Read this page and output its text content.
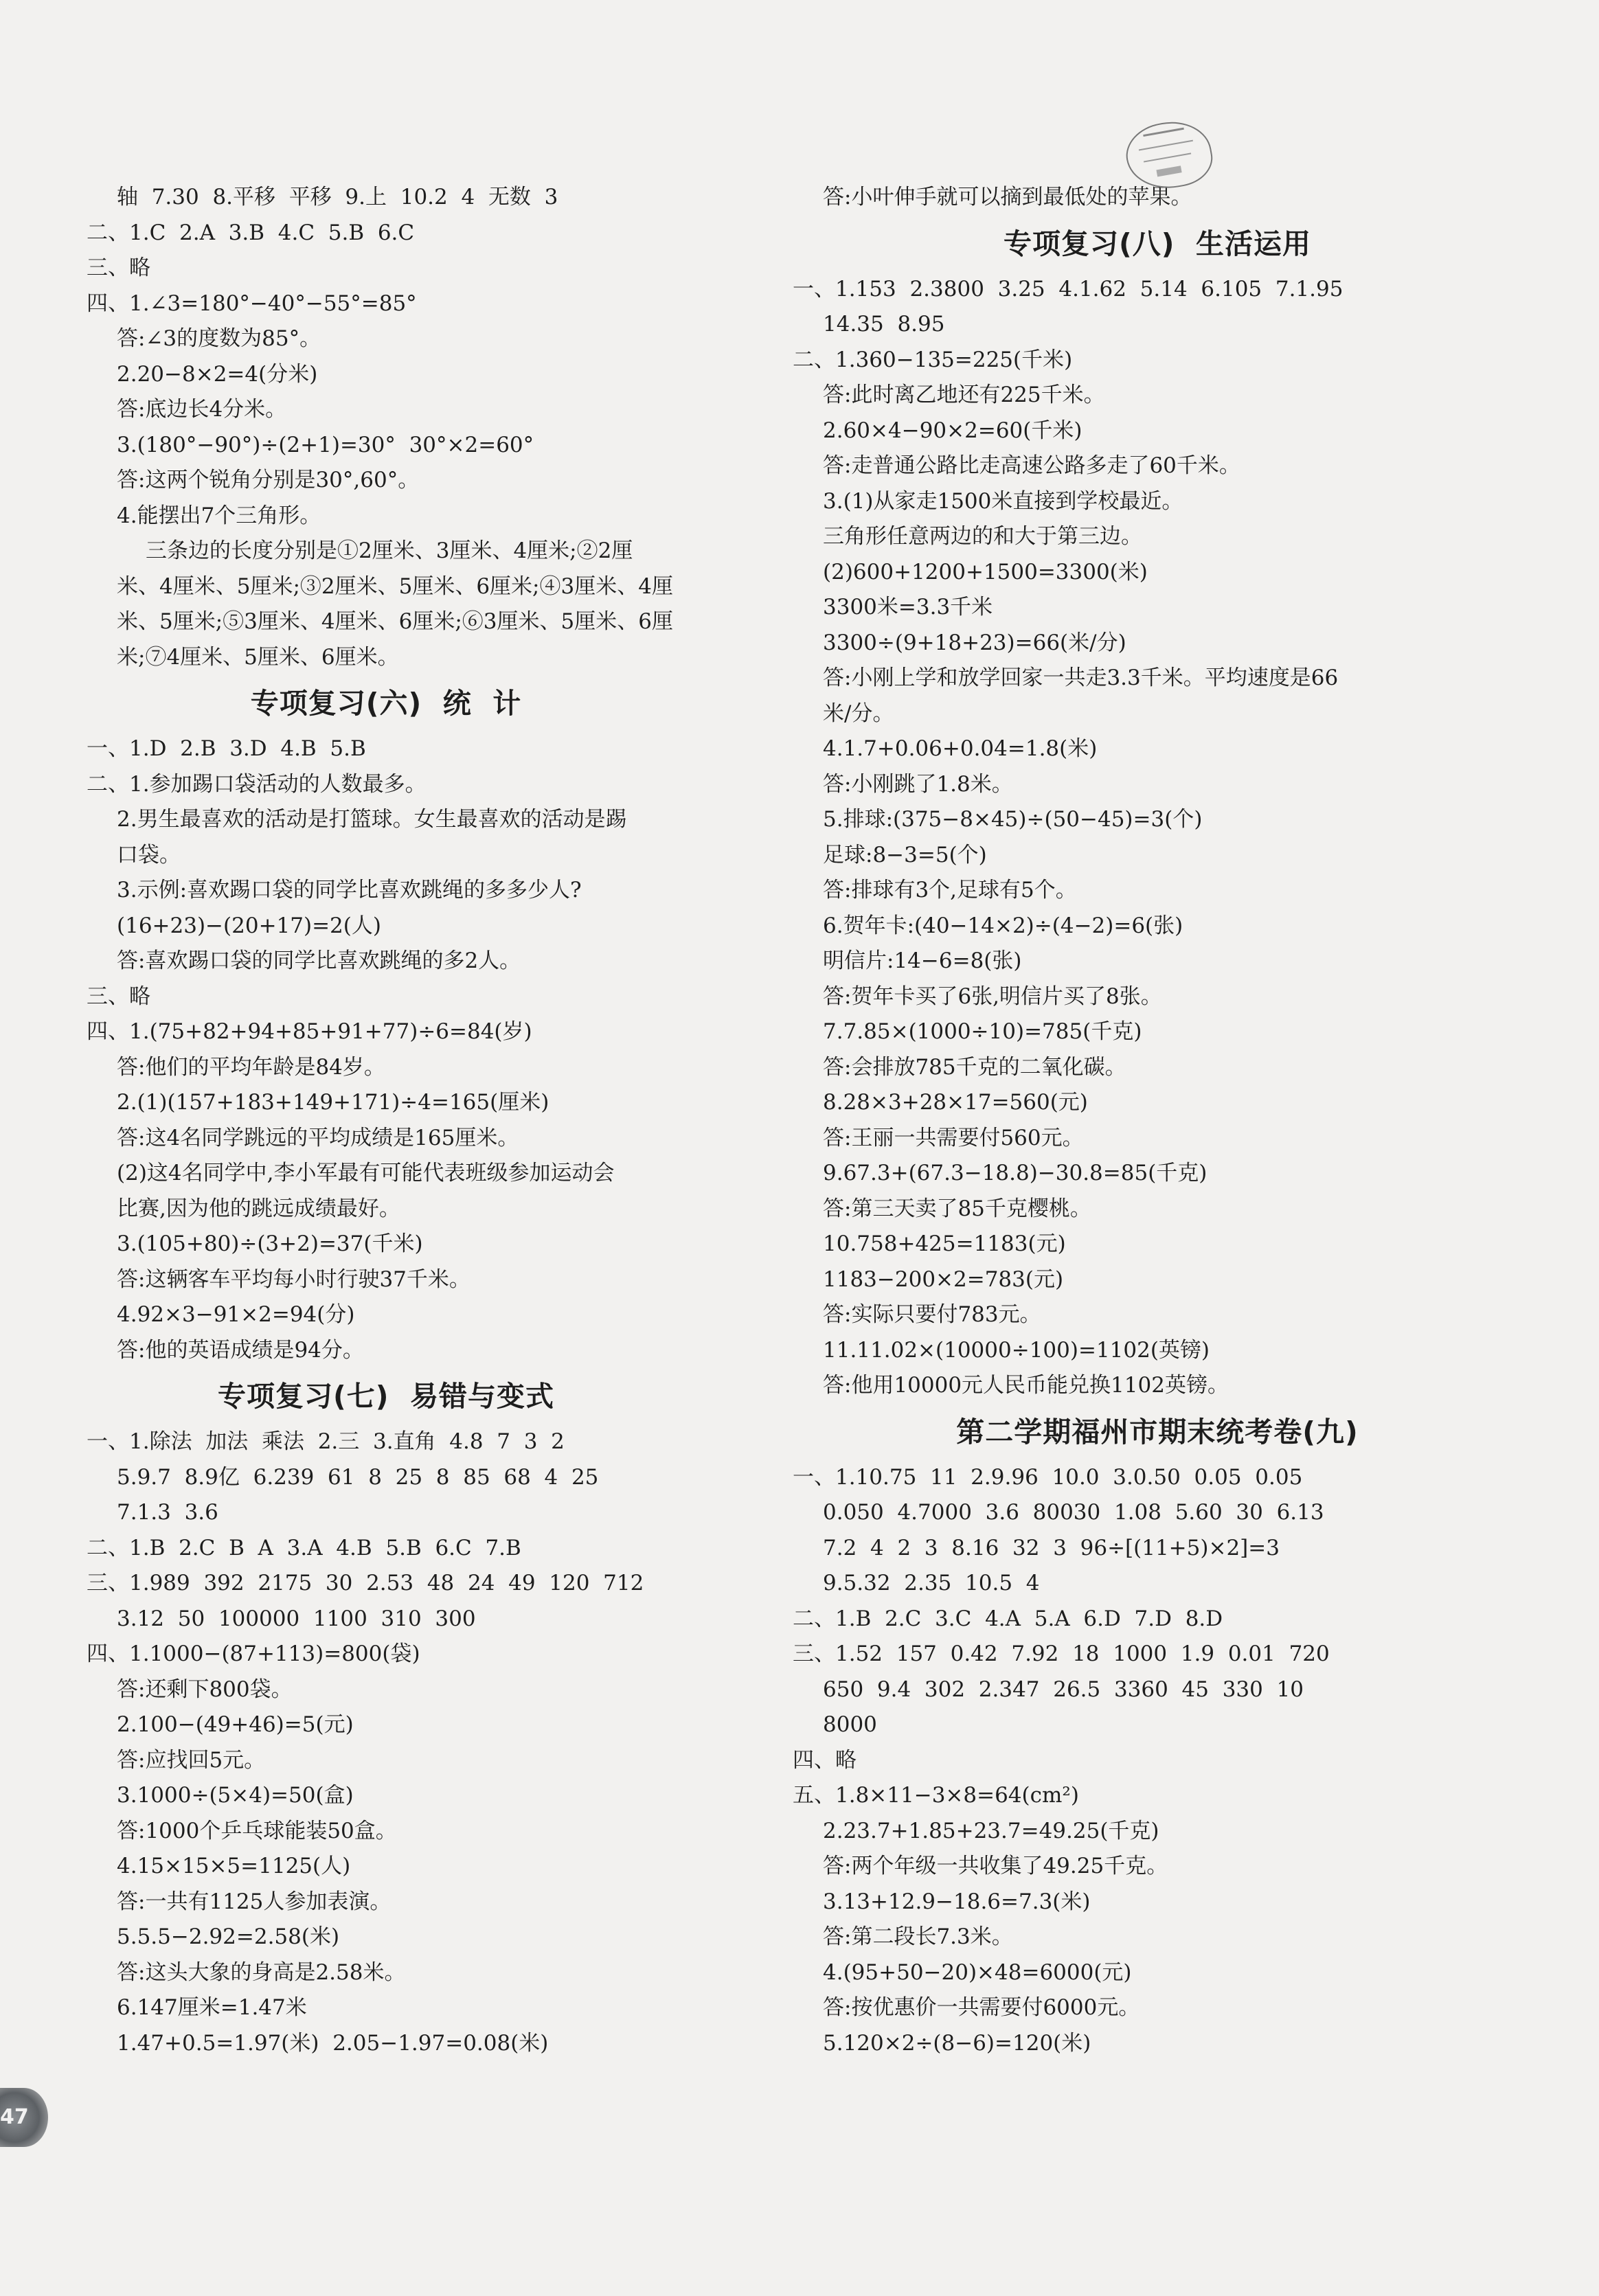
轴  7.30  8.平移  平移  9.上  10.2  4  无数  3
二、1.C  2.A  3.B  4.C  5.B  6.C
三、略
四、1.∠3=180°−40°−55°=85°
答:∠3的度数为85°。
2.20−8×2=4(分米)
答:底边长4分米。
3.(180°−90°)÷(2+1)=30°  30°×2=60°
答:这两个锐角分别是30°,60°。
4.能摆出7个三角形。
三条边的长度分别是①2厘米、3厘米、4厘米;②2厘
米、4厘米、5厘米;③2厘米、5厘米、6厘米;④3厘米、4厘
米、5厘米;⑤3厘米、4厘米、6厘米;⑥3厘米、5厘米、6厘
米;⑦4厘米、5厘米、6厘米。
专项复习(六)  统  计
一、1.D  2.B  3.D  4.B  5.B
二、1.参加踢口袋活动的人数最多。
2.男生最喜欢的活动是打篮球。女生最喜欢的活动是踢
口袋。
3.示例:喜欢踢口袋的同学比喜欢跳绳的多多少人?
(16+23)−(20+17)=2(人)
答:喜欢踢口袋的同学比喜欢跳绳的多2人。
三、略
四、1.(75+82+94+85+91+77)÷6=84(岁)
答:他们的平均年龄是84岁。
2.(1)(157+183+149+171)÷4=165(厘米)
答:这4名同学跳远的平均成绩是165厘米。
(2)这4名同学中,李小军最有可能代表班级参加运动会
比赛,因为他的跳远成绩最好。
3.(105+80)÷(3+2)=37(千米)
答:这辆客车平均每小时行驶37千米。
4.92×3−91×2=94(分)
答:他的英语成绩是94分。
专项复习(七)  易错与变式
一、1.除法  加法  乘法  2.三  3.直角  4.8  7  3  2
5.9.7  8.9亿  6.239  61  8  25  8  85  68  4  25
7.1.3  3.6
二、1.B  2.C  B  A  3.A  4.B  5.B  6.C  7.B
三、1.989  392  2175  30  2.53  48  24  49  120  712
3.12  50  100000  1100  310  300
四、1.1000−(87+113)=800(袋)
答:还剩下800袋。
2.100−(49+46)=5(元)
答:应找回5元。
3.1000÷(5×4)=50(盒)
答:1000个乒乓球能装50盒。
4.15×15×5=1125(人)
答:一共有1125人参加表演。
5.5.5−2.92=2.58(米)
答:这头大象的身高是2.58米。
6.147厘米=1.47米
1.47+0.5=1.97(米)  2.05−1.97=0.08(米)
答:小叶伸手就可以摘到最低处的苹果。
专项复习(八)  生活运用
一、1.153  2.3800  3.25  4.1.62  5.14  6.105  7.1.95
14.35  8.95
二、1.360−135=225(千米)
答:此时离乙地还有225千米。
2.60×4−90×2=60(千米)
答:走普通公路比走高速公路多走了60千米。
3.(1)从家走1500米直接到学校最近。
三角形任意两边的和大于第三边。
(2)600+1200+1500=3300(米)
3300米=3.3千米
3300÷(9+18+23)=66(米/分)
答:小刚上学和放学回家一共走3.3千米。平均速度是66
米/分。
4.1.7+0.06+0.04=1.8(米)
答:小刚跳了1.8米。
5.排球:(375−8×45)÷(50−45)=3(个)
足球:8−3=5(个)
答:排球有3个,足球有5个。
6.贺年卡:(40−14×2)÷(4−2)=6(张)
明信片:14−6=8(张)
答:贺年卡买了6张,明信片买了8张。
7.7.85×(1000÷10)=785(千克)
答:会排放785千克的二氧化碳。
8.28×3+28×17=560(元)
答:王丽一共需要付560元。
9.67.3+(67.3−18.8)−30.8=85(千克)
答:第三天卖了85千克樱桃。
10.758+425=1183(元)
1183−200×2=783(元)
答:实际只要付783元。
11.11.02×(10000÷100)=1102(英镑)
答:他用10000元人民币能兑换1102英镑。
第二学期福州市期末统考卷(九)
一、1.10.75  11  2.9.96  10.0  3.0.50  0.05  0.05
0.050  4.7000  3.6  80030  1.08  5.60  30  6.13
7.2  4  2  3  8.16  32  3  96÷[(11+5)×2]=3
9.5.32  2.35  10.5  4
二、1.B  2.C  3.C  4.A  5.A  6.D  7.D  8.D
三、1.52  157  0.42  7.92  18  1000  1.9  0.01  720
650  9.4  302  2.347  26.5  3360  45  330  10
8000
四、略
五、1.8×11−3×8=64(cm²)
2.23.7+1.85+23.7=49.25(千克)
答:两个年级一共收集了49.25千克。
3.13+12.9−18.6=7.3(米)
答:第二段长7.3米。
4.(95+50−20)×48=6000(元)
答:按优惠价一共需要付6000元。
5.120×2÷(8−6)=120(米)
47
